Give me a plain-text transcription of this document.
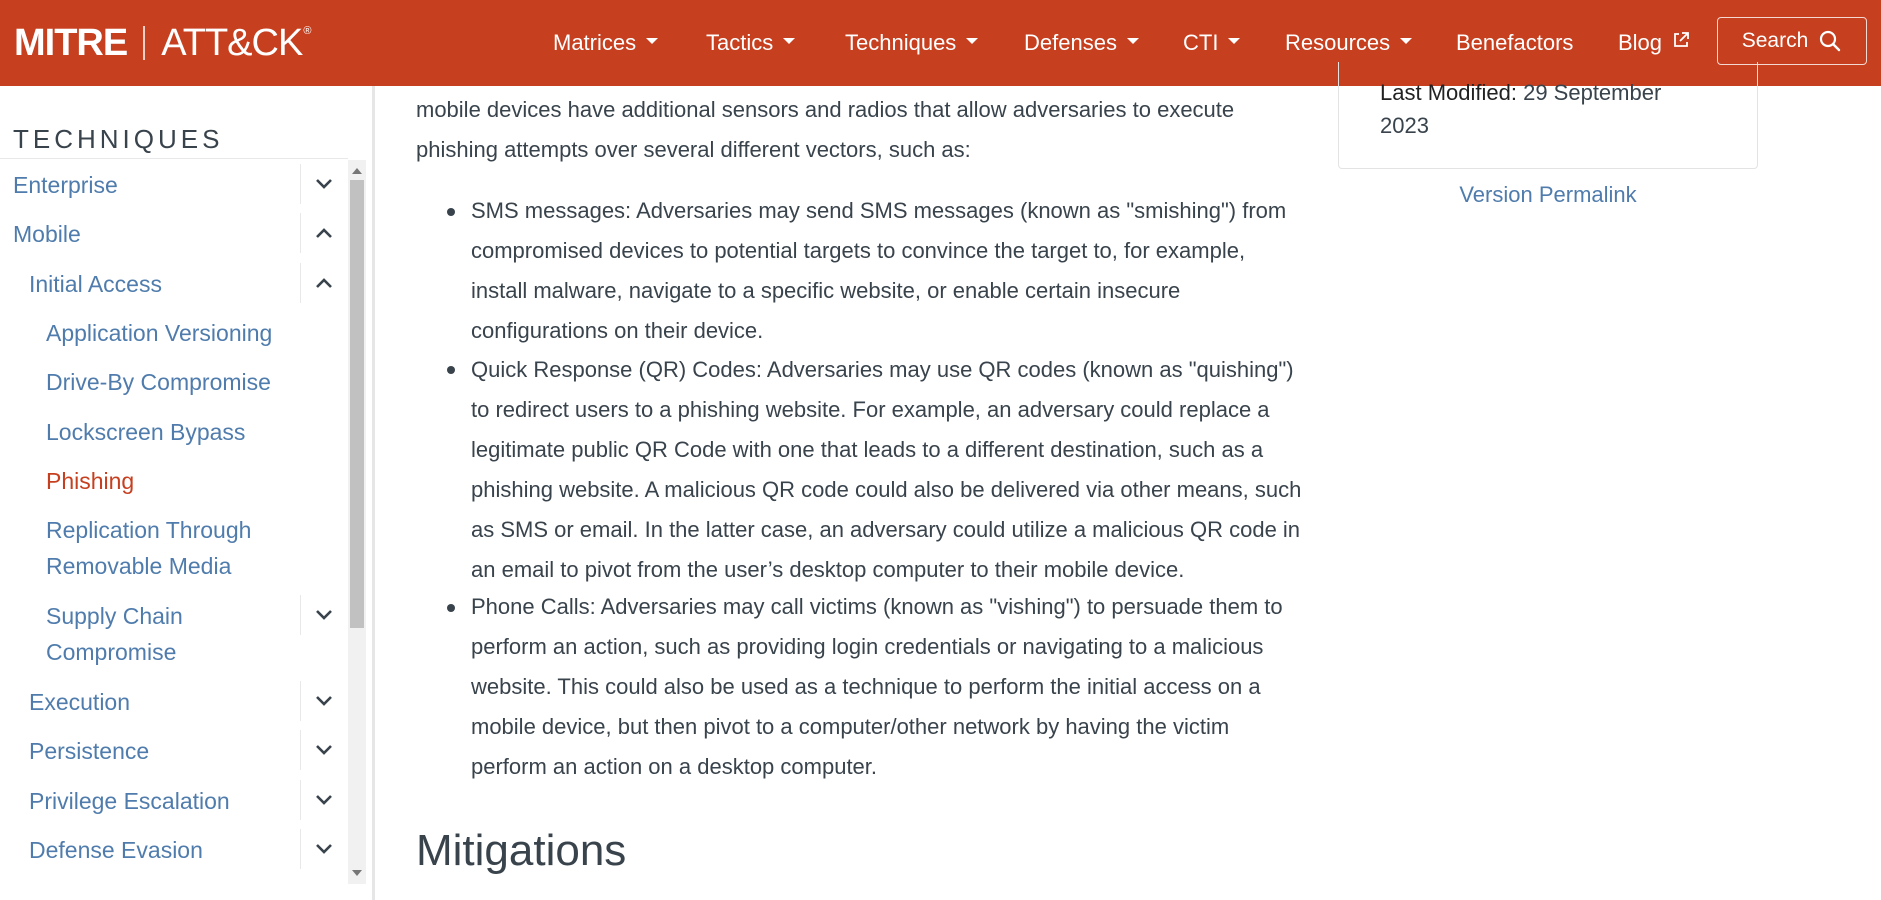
MITRE ATT&CK ®	Matrices	Tactics	Techniques	Defenses	CTI	Resources	Benefactors Blog	Search
TECHNIQUES
Enterprise
Mobile
Initial Access
Application Versioning
Drive-By Compromise
Lockscreen Bypass
Phishing
Replication Through
Removable Media
Supply Chain
Compromise
Execution
Persistence
Privilege Escalation
Defense Evasion
mobile devices have additional sensors and radios that allow adversaries to execute
phishing attempts over several different vectors, such as:
SMS messages: Adversaries may send SMS messages (known as "smishing") from
compromised devices to potential targets to convince the target to, for example,
install malware, navigate to a specific website, or enable certain insecure
configurations on their device.
Quick Response (QR) Codes: Adversaries may use QR codes (known as "quishing")
to redirect users to a phishing website. For example, an adversary could replace a
legitimate public QR Code with one that leads to a different destination, such as a
phishing website. A malicious QR code could also be delivered via other means, such
as SMS or email. In the latter case, an adversary could utilize a malicious QR code in
an email to pivot from the user’s desktop computer to their mobile device.
Phone Calls: Adversaries may call victims (known as "vishing") to persuade them to
perform an action, such as providing login credentials or navigating to a malicious
website. This could also be used as a technique to perform the initial access on a
mobile device, but then pivot to a computer/other network by having the victim
perform an action on a desktop computer.
Mitigations
Last Modified: 29 September
2023
Version Permalink
